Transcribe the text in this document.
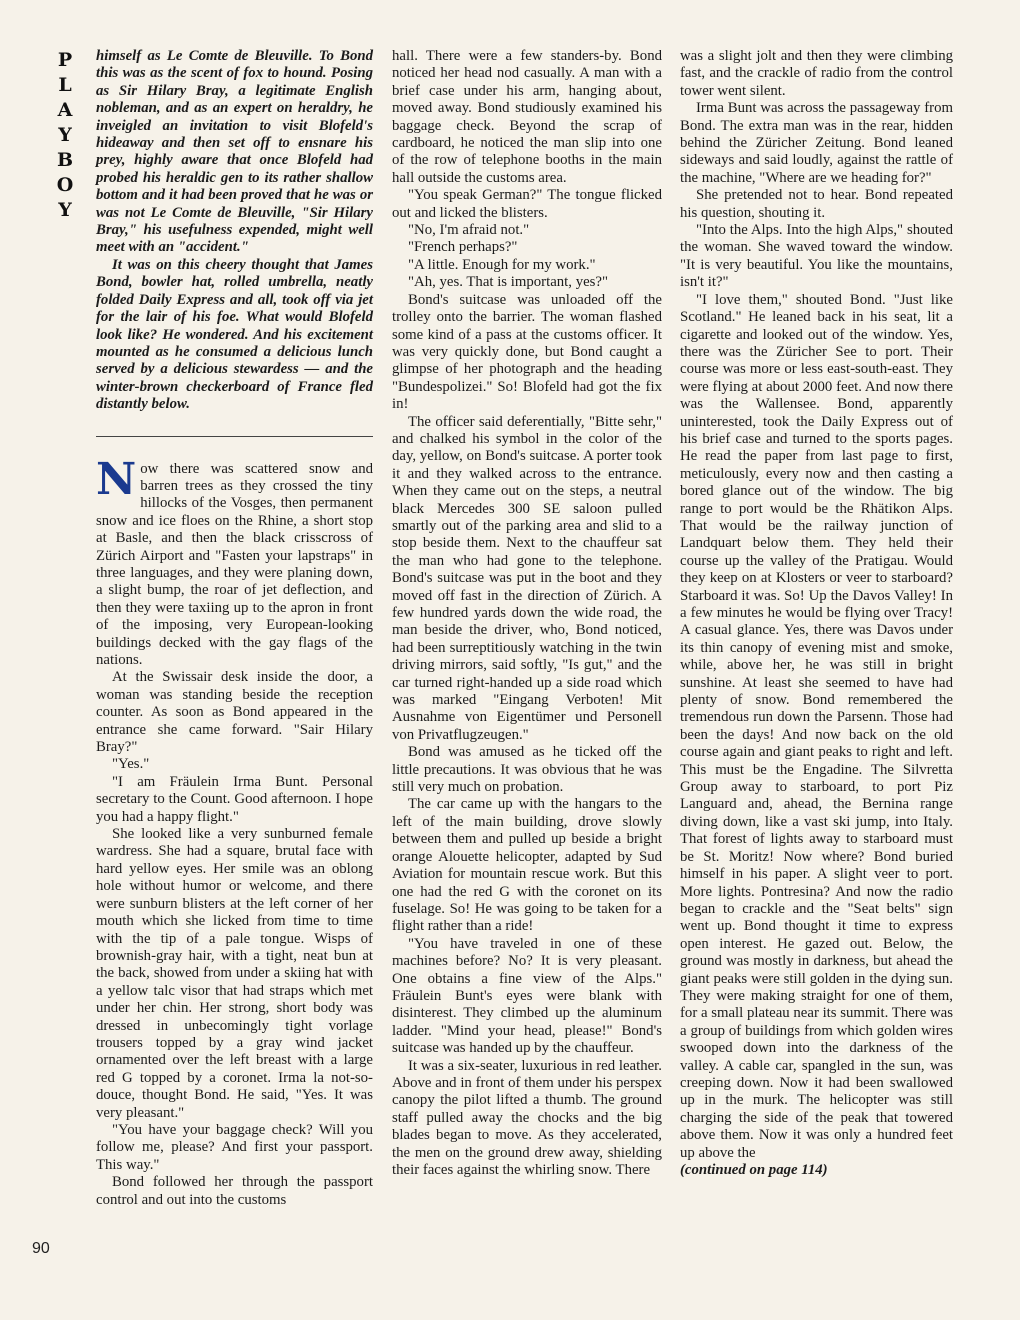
P
L
A
Y
B
O
Y

himself as Le Comte de Bleuville. To Bond this was as the scent of fox to hound. Posing as Sir Hilary Bray, a legitimate English nobleman, and as an expert on heraldry, he inveigled an invitation to visit Blofeld's hideaway and then set off to ensnare his prey, highly aware that once Blofeld had probed his heraldic gen to its rather shallow bottom and it had been proved that he was or was not Le Comte de Bleuville, "Sir Hilary Bray," his usefulness expended, might well meet with an "accident."

It was on this cheery thought that James Bond, bowler hat, rolled umbrella, neatly folded Daily Express and all, took off via jet for the lair of his foe. What would Blofeld look like? He wondered. And his excitement mounted as he consumed a delicious lunch served by a delicious stewardess — and the winter-brown checkerboard of France fled distantly below.

Now there was scattered snow and barren trees as they crossed the tiny hillocks of the Vosges, then permanent snow and ice floes on the Rhine, a short stop at Basle, and then the black crisscross of Zürich Airport and "Fasten your lapstraps" in three languages, and they were planing down, a slight bump, the roar of jet deflection, and then they were taxiing up to the apron in front of the imposing, very European-looking buildings decked with the gay flags of the nations.

At the Swissair desk inside the door, a woman was standing beside the reception counter. As soon as Bond appeared in the entrance she came forward. "Sair Hilary Bray?"

"Yes."

"I am Fräulein Irma Bunt. Personal secretary to the Count. Good afternoon. I hope you had a happy flight."

She looked like a very sunburned female wardress. She had a square, brutal face with hard yellow eyes. Her smile was an oblong hole without humor or welcome, and there were sunburn blisters at the left corner of her mouth which she licked from time to time with the tip of a pale tongue. Wisps of brownish-gray hair, with a tight, neat bun at the back, showed from under a skiing hat with a yellow talc visor that had straps which met under her chin. Her strong, short body was dressed in unbecomingly tight vorlage trousers topped by a gray wind jacket ornamented over the left breast with a large red G topped by a coronet. Irma la not-so-douce, thought Bond. He said, "Yes. It was very pleasant."

"You have your baggage check? Will you follow me, please? And first your passport. This way."

Bond followed her through the passport control and out into the customs

hall. There were a few standers-by. Bond noticed her head nod casually. A man with a brief case under his arm, hanging about, moved away. Bond studiously examined his baggage check. Beyond the scrap of cardboard, he noticed the man slip into one of the row of telephone booths in the main hall outside the customs area.

"You speak German?" The tongue flicked out and licked the blisters.

"No, I'm afraid not."

"French perhaps?"

"A little. Enough for my work."

"Ah, yes. That is important, yes?"

Bond's suitcase was unloaded off the trolley onto the barrier. The woman flashed some kind of a pass at the customs officer. It was very quickly done, but Bond caught a glimpse of her photograph and the heading "Bundespolizei." So! Blofeld had got the fix in!

The officer said deferentially, "Bitte sehr," and chalked his symbol in the color of the day, yellow, on Bond's suitcase. A porter took it and they walked across to the entrance. When they came out on the steps, a neutral black Mercedes 300 SE saloon pulled smartly out of the parking area and slid to a stop beside them. Next to the chauffeur sat the man who had gone to the telephone. Bond's suitcase was put in the boot and they moved off fast in the direction of Zürich. A few hundred yards down the wide road, the man beside the driver, who, Bond noticed, had been surreptitiously watching in the twin driving mirrors, said softly, "Is gut," and the car turned right-handed up a side road which was marked "Eingang Verboten! Mit Ausnahme von Eigentümer und Personell von Privatflugzeugen."

Bond was amused as he ticked off the little precautions. It was obvious that he was still very much on probation.

The car came up with the hangars to the left of the main building, drove slowly between them and pulled up beside a bright orange Alouette helicopter, adapted by Sud Aviation for mountain rescue work. But this one had the red G with the coronet on its fuselage. So! He was going to be taken for a flight rather than a ride!

"You have traveled in one of these machines before? No? It is very pleasant. One obtains a fine view of the Alps." Fräulein Bunt's eyes were blank with disinterest. They climbed up the aluminum ladder. "Mind your head, please!" Bond's suitcase was handed up by the chauffeur.

It was a six-seater, luxurious in red leather. Above and in front of them under his perspex canopy the pilot lifted a thumb. The ground staff pulled away the chocks and the big blades began to move. As they accelerated, the men on the ground drew away, shielding their faces against the whirling snow. There

was a slight jolt and then they were climbing fast, and the crackle of radio from the control tower went silent.

Irma Bunt was across the passageway from Bond. The extra man was in the rear, hidden behind the Züricher Zeitung. Bond leaned sideways and said loudly, against the rattle of the machine, "Where are we heading for?"

She pretended not to hear. Bond repeated his question, shouting it.

"Into the Alps. Into the high Alps," shouted the woman. She waved toward the window. "It is very beautiful. You like the mountains, isn't it?"

"I love them," shouted Bond. "Just like Scotland." He leaned back in his seat, lit a cigarette and looked out of the window. Yes, there was the Züricher See to port. Their course was more or less east-south-east. They were flying at about 2000 feet. And now there was the Wallensee. Bond, apparently uninterested, took the Daily Express out of his brief case and turned to the sports pages. He read the paper from last page to first, meticulously, every now and then casting a bored glance out of the window. The big range to port would be the Rhätikon Alps. That would be the railway junction of Landquart below them. They held their course up the valley of the Pratigau. Would they keep on at Klosters or veer to starboard? Starboard it was. So! Up the Davos Valley! In a few minutes he would be flying over Tracy! A casual glance. Yes, there was Davos under its thin canopy of evening mist and smoke, while, above her, he was still in bright sunshine. At least she seemed to have had plenty of snow. Bond remembered the tremendous run down the Parsenn. Those had been the days! And now back on the old course again and giant peaks to right and left. This must be the Engadine. The Silvretta Group away to starboard, to port Piz Languard and, ahead, the Bernina range diving down, like a vast ski jump, into Italy. That forest of lights away to starboard must be St. Moritz! Now where? Bond buried himself in his paper. A slight veer to port. More lights. Pontresina? And now the radio began to crackle and the "Seat belts" sign went up. Bond thought it time to express open interest. He gazed out. Below, the ground was mostly in darkness, but ahead the giant peaks were still golden in the dying sun. They were making straight for one of them, for a small plateau near its summit. There was a group of buildings from which golden wires swooped down into the darkness of the valley. A cable car, spangled in the sun, was creeping down. Now it had been swallowed up in the murk. The helicopter was still charging the side of the peak that towered above them. Now it was only a hundred feet up above the

(continued on page 114)

90
